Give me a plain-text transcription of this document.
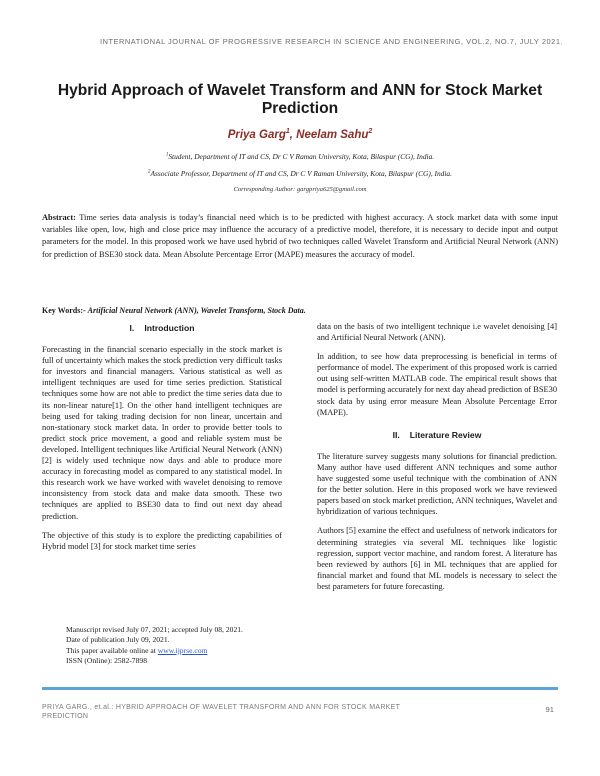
INTERNATIONAL JOURNAL OF PROGRESSIVE RESEARCH IN SCIENCE AND ENGINEERING, VOL.2, NO.7, JULY 2021.
Hybrid Approach of Wavelet Transform and ANN for Stock Market Prediction
Priya Garg$^1$, Neelam Sahu$^2$
$^1$Student, Department of IT and CS, Dr C V Raman University, Kota, Bilaspur (CG), India.
$^2$Associate Professor, Department of IT and CS, Dr C V Raman University, Kota, Bilaspur (CG), India.
Corresponding Author: gargpriya625@gmail.com
Abstract: Time series data analysis is today’s financial need which is to be predicted with highest accuracy. A stock market data with some input variables like open, low, high and close price may influence the accuracy of a predictive model, therefore, it is necessary to decide input and output parameters for the model. In this proposed work we have used hybrid of two techniques called Wavelet Transform and Artificial Neural Network (ANN) for prediction of BSE30 stock data. Mean Absolute Percentage Error (MAPE) measures the accuracy of model.
Key Words:- Artificial Neural Network (ANN), Wavelet Transform, Stock Data.
I. Introduction

Forecasting in the financial scenario especially in the stock market is full of uncertainty which makes the stock prediction very difficult tasks for investors and financial managers. Various statistical as well as intelligent techniques are used for time series prediction. Statistical techniques some how are not able to predict the time series data due to its non-linear nature[1]. On the other hand intelligent techniques are being used for taking trading decision for non linear, uncertain and non-stationary stock market data. In order to provide better tools to predict stock price movement, a good and reliable system must be developed. Intelligent techniques like Artificial Neural Network (ANN) [2] is widely used technique now days and able to produce more accuracy in forecasting model as compared to any statistical model. In this research work we have worked with wavelet denoising to remove inconsistency from stock data and make data smooth. These two techniques are applied to BSE30 data to find out next day ahead prediction.

The objective of this study is to explore the predicting capabilities of Hybrid model [3] for stock market time series

Manuscript revised July 07, 2021; accepted July 08, 2021.
Date of publication July 09, 2021.
This paper available online at www.ijprse.com
ISSN (Online): 2582-7898

data on the basis of two intelligent technique i.e wavelet denoising [4] and Artificial Neural Network (ANN).

In addition, to see how data preprocessing is beneficial in terms of performance of model. The experiment of this proposed work is carried out using self-written MATLAB code. The empirical result shows that model is performing accurately for next day ahead prediction of BSE30 stock data by using error measure Mean Absolute Percentage Error (MAPE).

II. Literature Review

The literature survey suggests many solutions for financial prediction. Many author have used different ANN techniques and some author have suggested some useful technique with the combination of ANN for the better solution. Here in this proposed work we have reviewed papers based on stock market prediction, ANN techniques, Wavelet and hybridization of various techniques.

Authors [5] examine the effect and usefulness of network indicators for determining strategies via several ML techniques like logistic regression, support vector machine, and random forest. A literature has been reviewed by authors [6] in ML techniques that are applied for financial market and found that ML models is necessary to select the best parameters for future forecasting.

PRIYA GARG., et.al.: HYBRID APPROACH OF WAVELET TRANSFORM AND ANN FOR STOCK MARKET PREDICTION
91
